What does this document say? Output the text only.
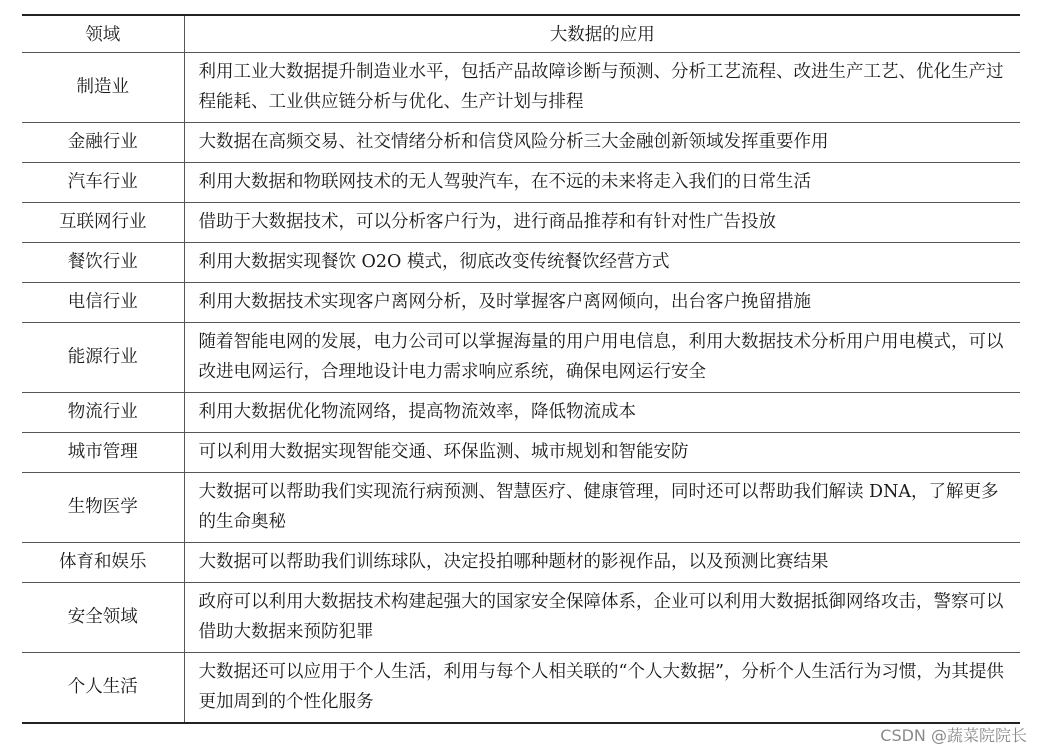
领域	大数据的应用
制造业	利用工业大数据提升制造业水平，包括产品故障诊断与预测、分析工艺流程、改进生产工艺、优化生产过程能耗、工业供应链分析与优化、生产计划与排程
金融行业	大数据在高频交易、社交情绪分析和信贷风险分析三大金融创新领域发挥重要作用
汽车行业	利用大数据和物联网技术的无人驾驶汽车，在不远的未来将走入我们的日常生活
互联网行业	借助于大数据技术，可以分析客户行为，进行商品推荐和有针对性广告投放
餐饮行业	利用大数据实现餐饮 O2O 模式，彻底改变传统餐饮经营方式
电信行业	利用大数据技术实现客户离网分析，及时掌握客户离网倾向，出台客户挽留措施
能源行业	随着智能电网的发展，电力公司可以掌握海量的用户用电信息，利用大数据技术分析用户用电模式，可以改进电网运行，合理地设计电力需求响应系统，确保电网运行安全
物流行业	利用大数据优化物流网络，提高物流效率，降低物流成本
城市管理	可以利用大数据实现智能交通、环保监测、城市规划和智能安防
生物医学	大数据可以帮助我们实现流行病预测、智慧医疗、健康管理，同时还可以帮助我们解读 DNA，了解更多的生命奥秘
体育和娱乐	大数据可以帮助我们训练球队，决定投拍哪种题材的影视作品，以及预测比赛结果
安全领域	政府可以利用大数据技术构建起强大的国家安全保障体系，企业可以利用大数据抵御网络攻击，警察可以借助大数据来预防犯罪
个人生活	大数据还可以应用于个人生活，利用与每个人相关联的“个人大数据”，分析个人生活行为习惯，为其提供更加周到的个性化服务
CSDN @蔬菜院院长
